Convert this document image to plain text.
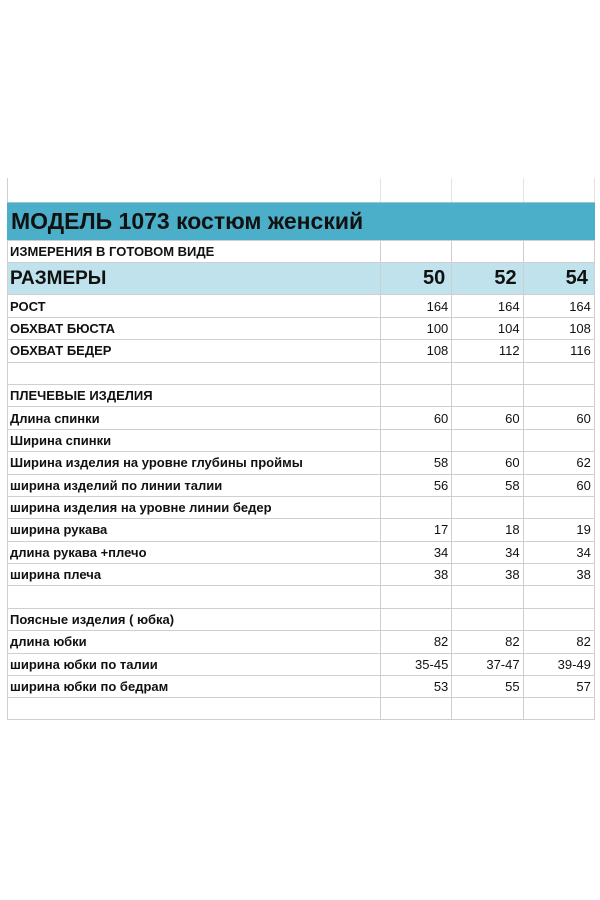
МОДЕЛЬ 1073 костюм женский
ИЗМЕРЕНИЯ В ГОТОВОМ ВИДЕ
РАЗМЕРЫ	50	52	54
РОСТ	164	164	164
ОБХВАТ БЮСТА	100	104	108
ОБХВАТ БЕДЕР	108	112	116
ПЛЕЧЕВЫЕ ИЗДЕЛИЯ
Длина спинки	60	60	60
Ширина спинки
Ширина изделия на уровне глубины проймы	58	60	62
ширина изделий по линии талии	56	58	60
ширина изделия на уровне линии бедер
ширина рукава	17	18	19
длина рукава +плечо	34	34	34
ширина плеча	38	38	38
Поясные изделия ( юбка)
длина юбки	82	82	82
ширина юбки по талии	35-45	37-47	39-49
ширина юбки по бедрам	53	55	57
